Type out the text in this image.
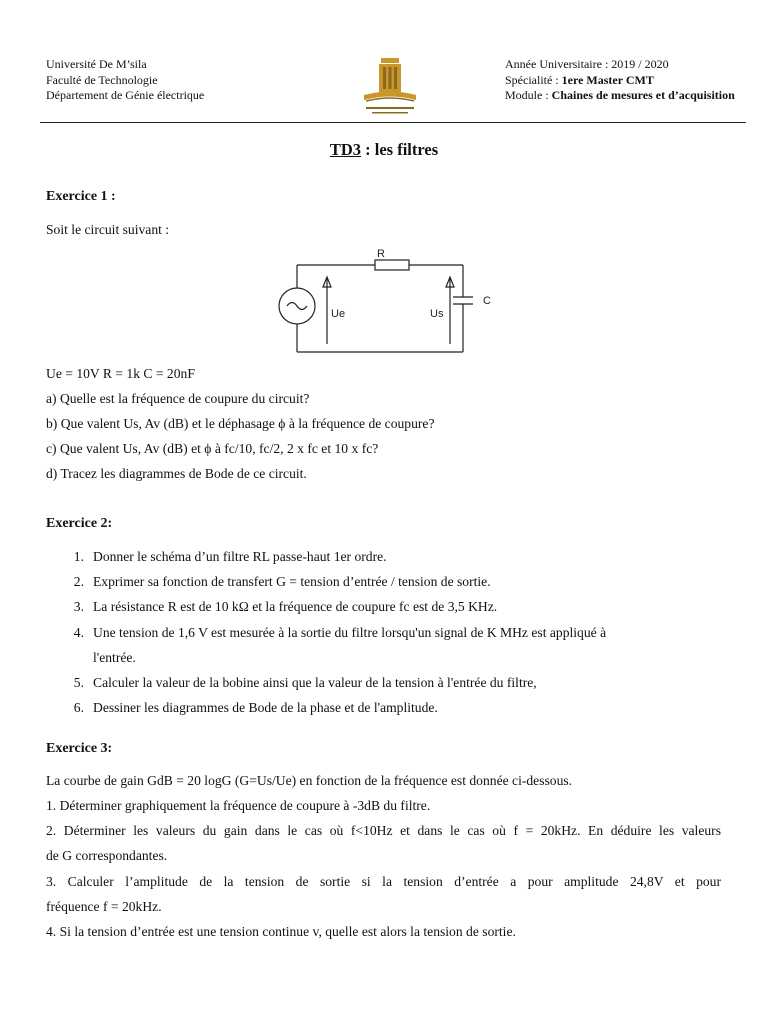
Université De M’sila
Faculté de Technologie
Département de Génie électrique
Année Universitaire : 2019 / 2020
Spécialité : 1ere Master CMT
Module : Chaines de mesures et d’acquisition
TD3 : les filtres
Exercice 1 :
Soit le circuit suivant :
R
C
Ue	Us
Ue = 10V R = 1k C = 20nF
a) Quelle est la fréquence de coupure du circuit?
b) Que valent Us, Av (dB) et le déphasage ϕ à la fréquence de coupure?
c) Que valent Us, Av (dB) et ϕ à fc/10, fc/2, 2 x fc et 10 x fc?
d) Tracez les diagrammes de Bode de ce circuit.
Exercice 2:
1. Donner le schéma d’un filtre RL passe-haut 1er ordre.
2. Exprimer sa fonction de transfert G = tension d’entrée / tension de sortie.
3. La résistance R est de 10 kΩ et la fréquence de coupure fc est de 3,5 KHz.
4. Une tension de 1,6 V est mesurée à la sortie du filtre lorsqu'un signal de K MHz est appliqué à
l'entrée.
5. Calculer la valeur de la bobine ainsi que la valeur de la tension à l'entrée du filtre,
6. Dessiner les diagrammes de Bode de la phase et de l'amplitude.
Exercice 3:
La courbe de gain GdB = 20 logG (G=Us/Ue) en fonction de la fréquence est donnée ci-dessous.
1. Déterminer graphiquement la fréquence de coupure à -3dB du filtre.
2. Déterminer les valeurs du gain dans le cas où f<10Hz et dans le cas où f = 20kHz. En déduire les valeurs
de G correspondantes.
3. Calculer l’amplitude de la tension de sortie si la tension d’entrée a pour amplitude 24,8V et pour
fréquence f = 20kHz.
4. Si la tension d’entrée est une tension continue v, quelle est alors la tension de sortie.
